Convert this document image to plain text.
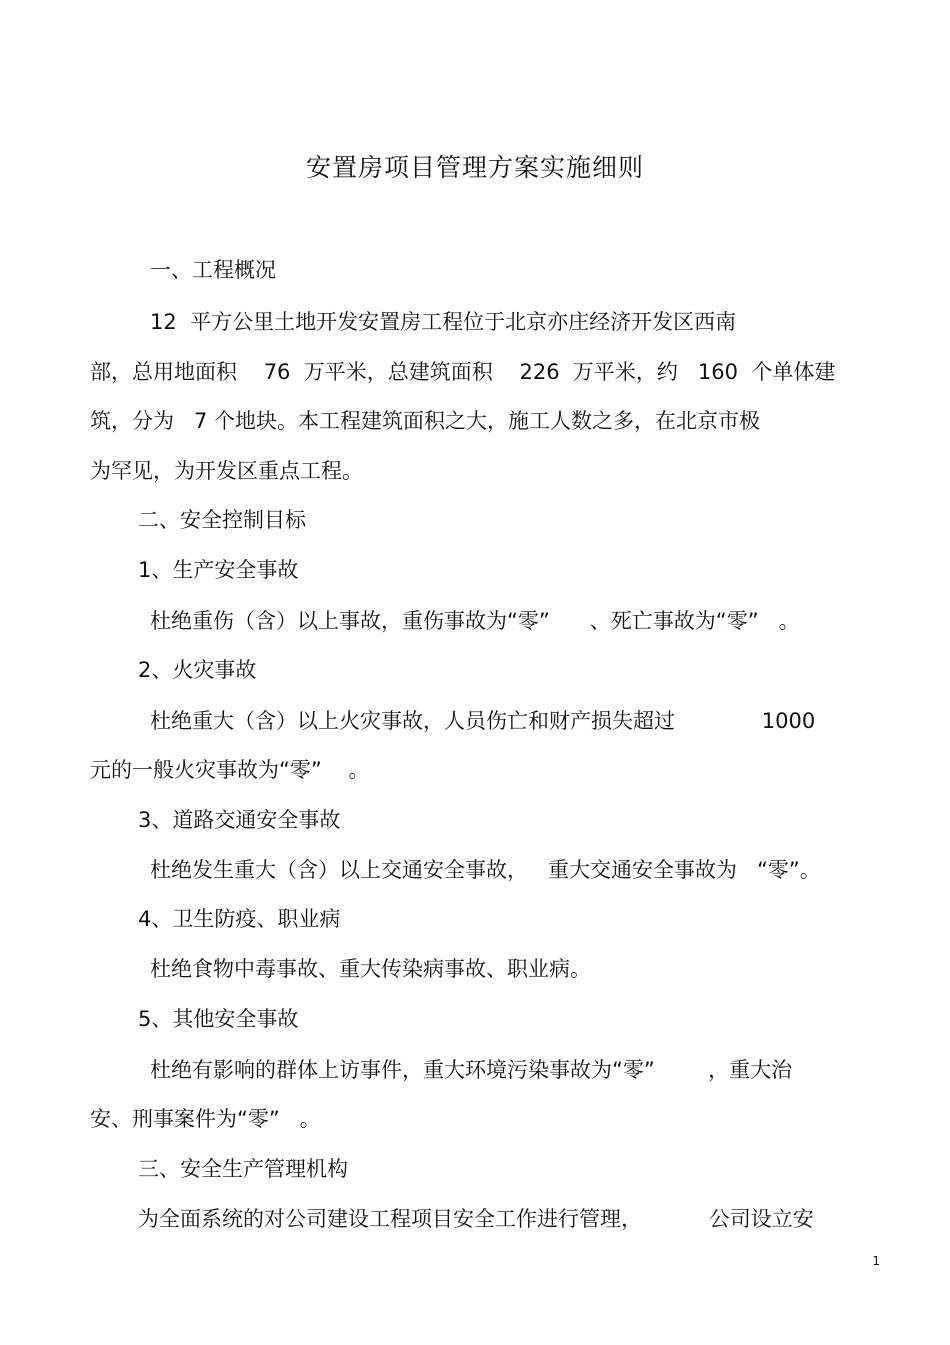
安置房项目管理方案实施细则
一、工程概况
12  平方公里土地开发安置房工程位于北京亦庄经济开发区西南
部，总用地面积    76  万平米，总建筑面积    226  万平米，约   160  个单体建
筑，分为   7 个地块。本工程建筑面积之大，施工人数之多，在北京市极
为罕见，为开发区重点工程。
二、安全控制目标
1、生产安全事故
杜绝重伤（含）以上事故，重伤事故为“零”      、死亡事故为“零”   。
2、火灾事故
杜绝重大（含）以上火灾事故，人员伤亡和财产损失超过             1000
元的一般火灾事故为“零”    。
3、道路交通安全事故
杜绝发生重大（含）以上交通安全事故，   重大交通安全事故为   “零”。
4、卫生防疫、职业病
杜绝食物中毒事故、重大传染病事故、职业病。
5、其他安全事故
杜绝有影响的群体上访事件，重大环境污染事故为“零”        ，重大治
安、刑事案件为“零”   。
三、安全生产管理机构
为全面系统的对公司建设工程项目安全工作进行管理，          公司设立安
1
